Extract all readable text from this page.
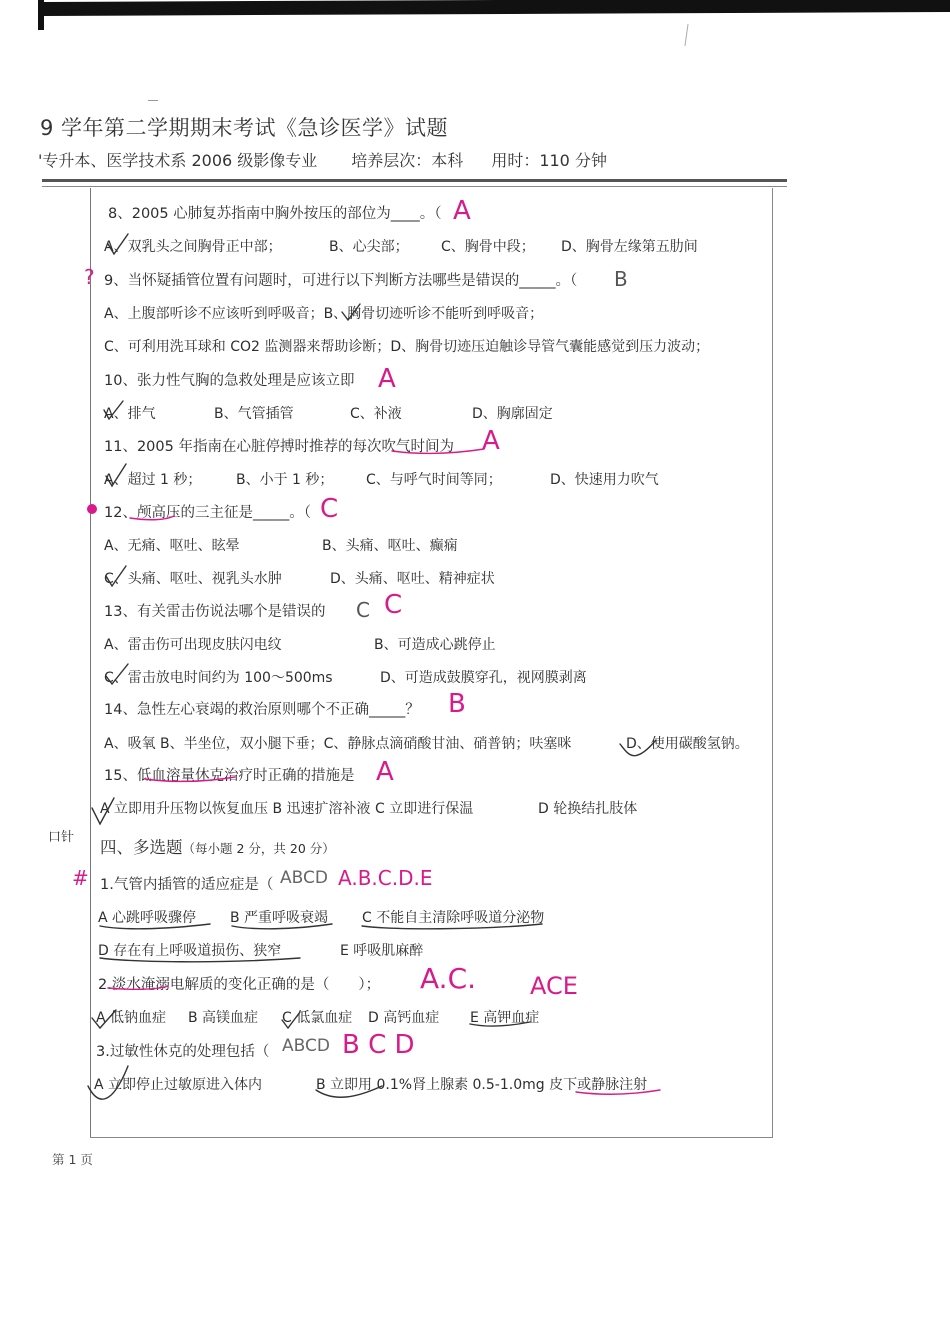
9 学年第二学期期末考试《急诊医学》试题
'专升本、医学技术系 2006 级影像专业 培养层次：本科 用时：110 分钟
8、2005 心肺复苏指南中胸外按压的部位为____。（
A、双乳头之间胸骨正中部；	B、心尖部； C、胸骨中段； D、胸骨左缘第五肋间
9、当怀疑插管位置有问题时，可进行以下判断方法哪些是错误的_____。（
A、上腹部听诊不应该听到呼吸音；B、胸骨切迹听诊不能听到呼吸音；
C、可利用洗耳球和 CO2 监测器来帮助诊断；D、胸骨切迹压迫触诊导管气囊能感觉到压力波动；
10、张力性气胸的急救处理是应该立即
A、排气	B、气管插管	C、补液	D、胸廓固定
11、2005 年指南在心脏停搏时推荐的每次吹气时间为
A、超过 1 秒； B、小于 1 秒； C、与呼气时间等同；	D、快速用力吹气
12、颅高压的三主征是_____。（
A、无痛、呕吐、眩晕	B、头痛、呕吐、癫痫
C、头痛、呕吐、视乳头水肿	D、头痛、呕吐、精神症状
13、有关雷击伤说法哪个是错误的
A、雷击伤可出现皮肤闪电纹	B、可造成心跳停止
C、雷击放电时间约为 100～500ms	D、可造成鼓膜穿孔，视网膜剥离
14、急性左心衰竭的救治原则哪个不正确_____？
A、吸氧 B、半坐位，双小腿下垂；C、静脉点滴硝酸甘油、硝普钠；呋塞咪	D、使用碳酸氢钠。
15、低血溶量休克治疗时正确的措施是
A 立即用升压物以恢复血压 B 迅速扩溶补液 C 立即进行保温	D 轮换结扎肢体
口针
四、多选题（每小题 2 分，共 20 分）
1.气管内插管的适应症是（
A 心跳呼吸骤停 B 严重呼吸衰竭 C 不能自主清除呼吸道分泌物
D 存在有上呼吸道损伤、狭窄	E 呼吸肌麻醉
2.淡水淹溺电解质的变化正确的是（　　）；
A 低钠血症 B 高镁血症 C 低氯血症 D 高钙血症 E 高钾血症
3.过敏性休克的处理包括（
A 立即停止过敏原进入体内	B 立即用 0.1%肾上腺素 0.5-1.0mg 皮下或静脉注射
第 1 页
A
?	B
A
A
C
C C
B
A
#	ABCD A.B.C.D.E
A.C. ACE
ABCD B C D
